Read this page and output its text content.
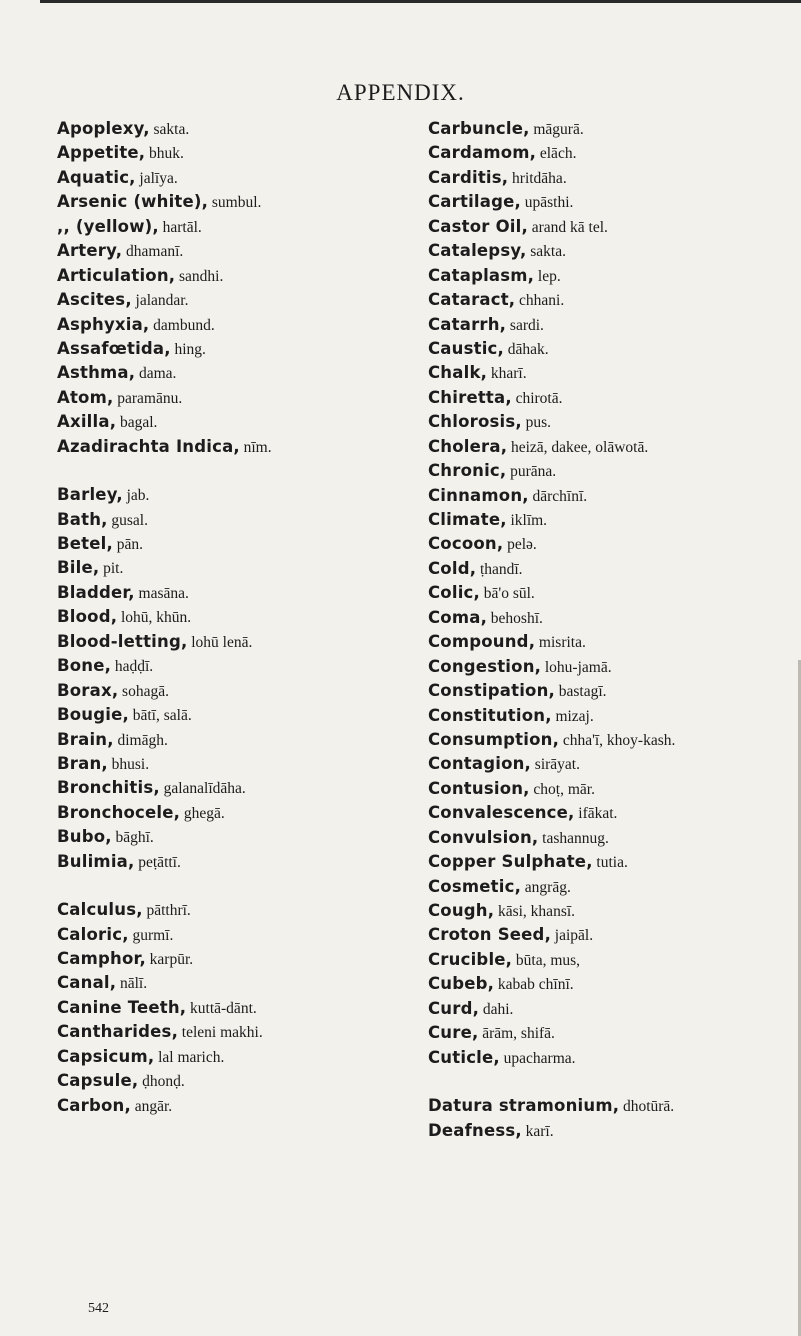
APPENDIX.
Apoplexy, sakta.
Appetite, bhuk.
Aquatic, jalīya.
Arsenic (white), sumbul.
,, (yellow), hartāl.
Artery, dhamanī.
Articulation, sandhi.
Ascites, jalandar.
Asphyxia, dambund.
Assafœtida, hing.
Asthma, dama.
Atom, paramānu.
Axilla, bagal.
Azadirachta Indica, nīm.
Barley, jab.
Bath, gusal.
Betel, pān.
Bile, pit.
Bladder, masāna.
Blood, lohū, khūn.
Blood-letting, lohū lenā.
Bone, haḍḍī.
Borax, sohagā.
Bougie, bātī, salā.
Brain, dimāgh.
Bran, bhusi.
Bronchitis, galanalīdāha.
Bronchocele, ghegā.
Bubo, bāghī.
Bulimia, peṭāttī.
Calculus, pātthrī.
Caloric, gurmī.
Camphor, karpūr.
Canal, nālī.
Canine Teeth, kuttā-dānt.
Cantharides, teleni makhi.
Capsicum, lal marich.
Capsule, ḍhonḍ.
Carbon, angār.
Carbuncle, māgurā.
Cardamom, elāch.
Carditis, hritdāha.
Cartilage, upāsthi.
Castor Oil, arand kā tel.
Catalepsy, sakta.
Cataplasm, lep.
Cataract, chhani.
Catarrh, sardi.
Caustic, dāhak.
Chalk, kharī.
Chiretta, chirotā.
Chlorosis, pus.
Cholera, heizā, dakee, olāwotā.
Chronic, purāna.
Cinnamon, dārchīnī.
Climate, iklīm.
Cocoon, pelə.
Cold, ṭhandī.
Colic, bā'o sūl.
Coma, behoshī.
Compound, misrita.
Congestion, lohu-jamā.
Constipation, bastagī.
Constitution, mizaj.
Consumption, chha'ī, khoy-kash.
Contagion, sirāyat.
Contusion, choṭ, mār.
Convalescence, ifākat.
Convulsion, tashannug.
Copper Sulphate, tutia.
Cosmetic, angrāg.
Cough, kāsi, khansī.
Croton Seed, jaipāl.
Crucible, būta, mus,
Cubeb, kabab chīnī.
Curd, dahi.
Cure, ārām, shifā.
Cuticle, upacharma.
Datura stramonium, dhotūrā.
Deafness, karī.
542
